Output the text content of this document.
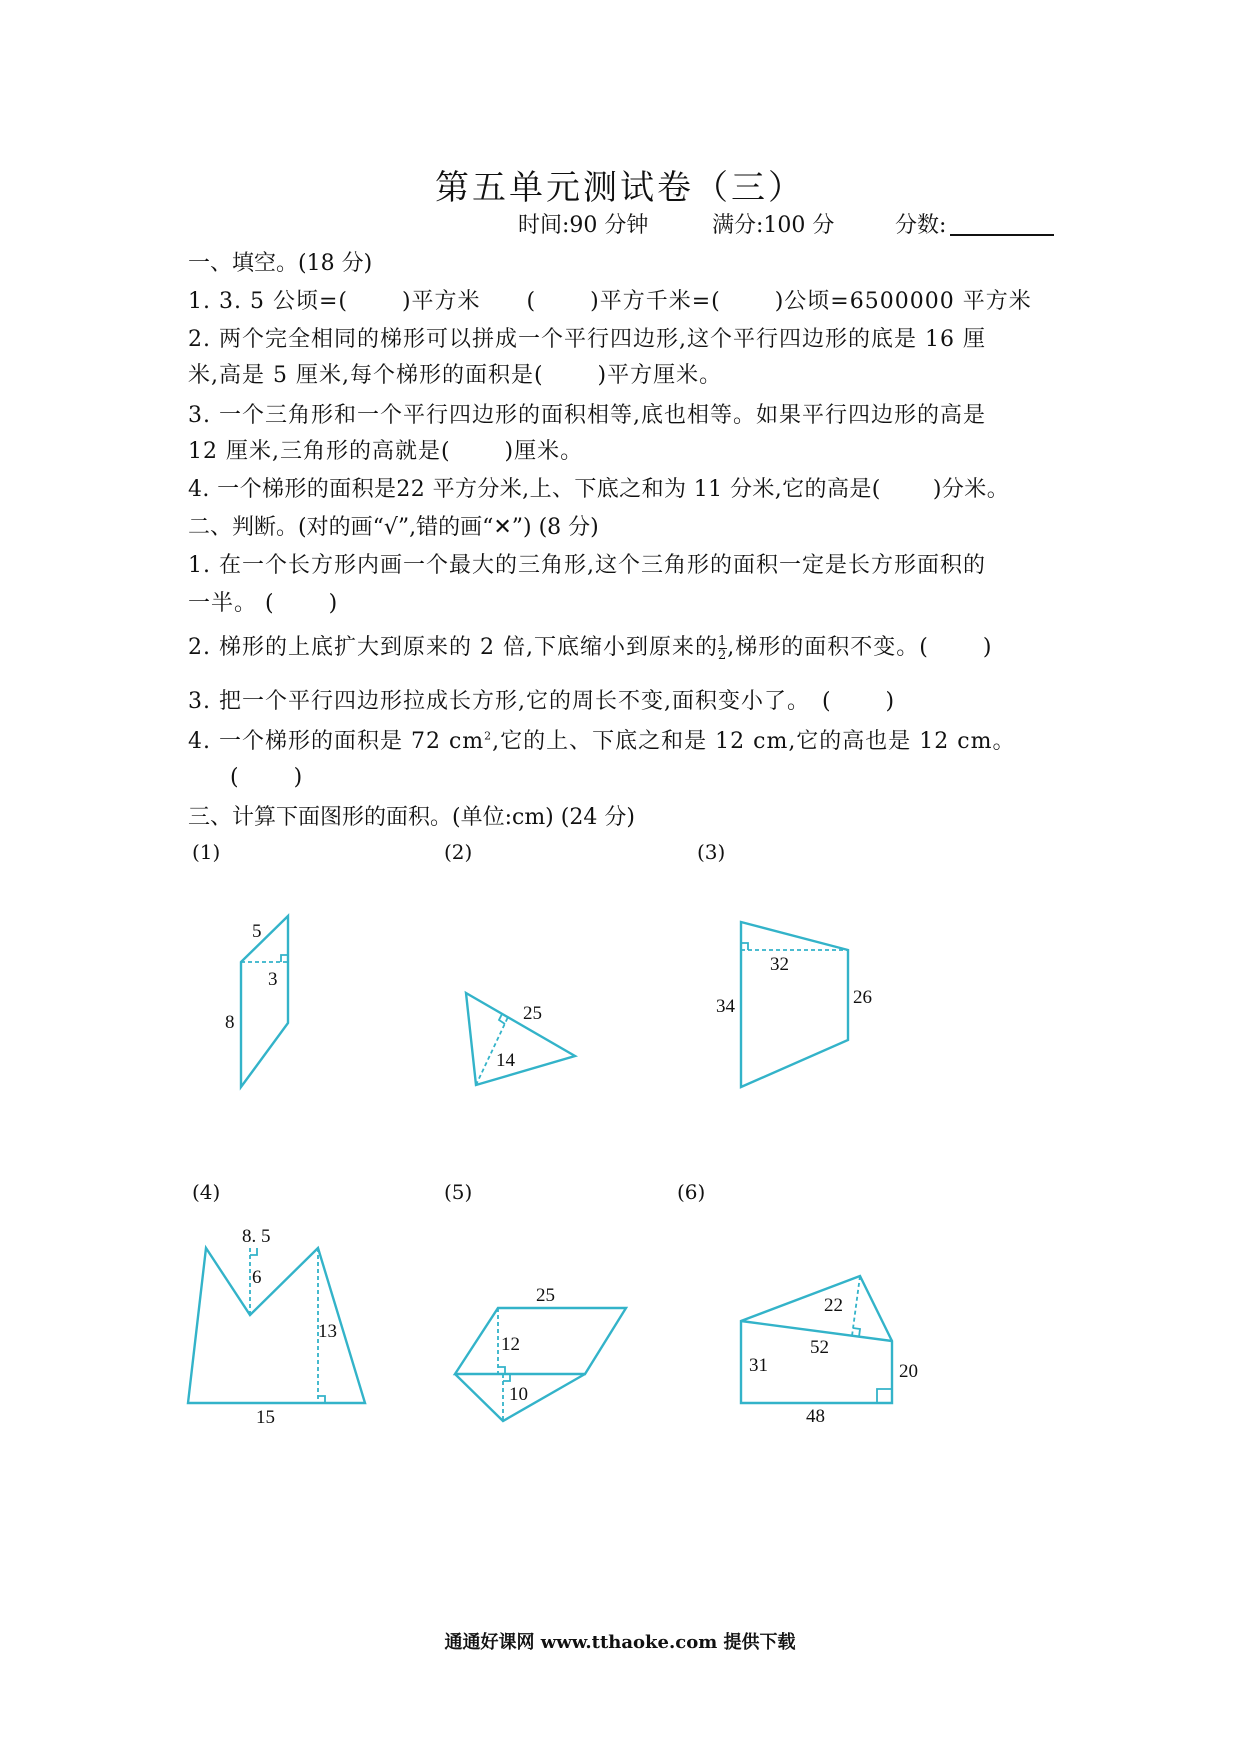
第五单元测试卷（三）
时间:90 分钟	满分:100 分	分数:
一、填空。(18 分)
1. 3. 5 公顷=(　　 )平方米　　(　　 )平方千米=(　　 )公顷=6500000 平方米
2. 两个完全相同的梯形可以拼成一个平行四边形,这个平行四边形的底是 16 厘
米,高是 5 厘米,每个梯形的面积是(　　 )平方厘米。
3. 一个三角形和一个平行四边形的面积相等,底也相等。如果平行四边形的高是
12 厘米,三角形的高就是(　　 )厘米。
4. 一个梯形的面积是22 平方分米,上、下底之和为 11 分米,它的高是(　　 )分米。
二、判断。(对的画“√”,错的画“✕”) (8 分)
1. 在一个长方形内画一个最大的三角形,这个三角形的面积一定是长方形面积的
一半。 (　　 )
2. 梯形的上底扩大到原来的 2 倍,下底缩小到原来的 $\frac{1}{2}$ ,梯形的面积不变。(　　 )
3. 把一个平行四边形拉成长方形,它的周长不变,面积变小了。　(　　 )
4. 一个梯形的面积是 72 $cm^2$,它的上、下底之和是 12 cm,它的高也是 12 cm。
(　　 )
三、计算下面图形的面积。(单位:cm) (24 分)
(1)	(2)	(3)
(4)	(5)	(6)
5
3
8	25
14
32
34	26
8. 5
6
13
15
25
12
10
22
52
31	20
48
通通好课网 www.tthaoke.com 提供下载
